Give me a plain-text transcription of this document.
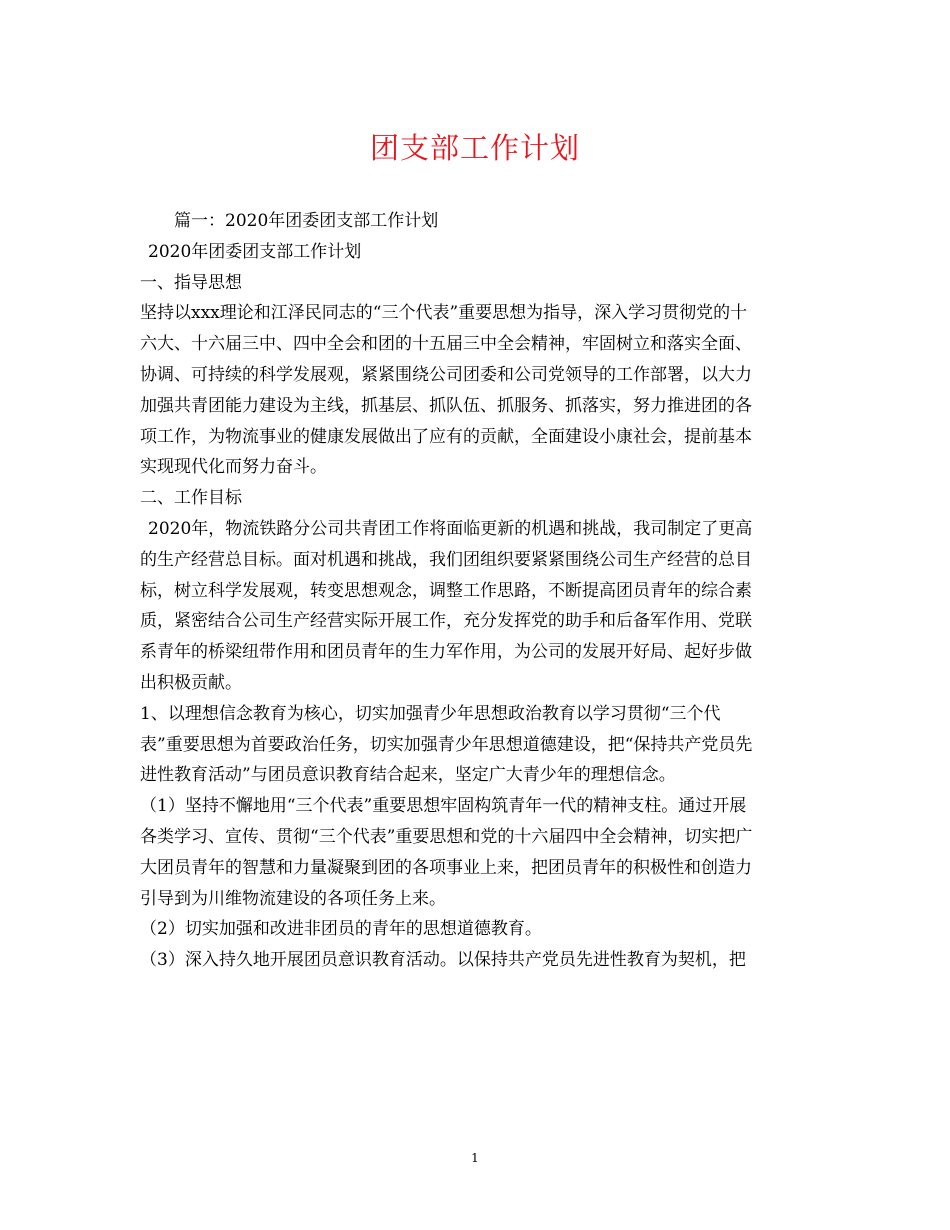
团支部工作计划

篇一：2020年团委团支部工作计划

2020年团委团支部工作计划

一、指导思想

坚持以xxx理论和江泽民同志的“三个代表”重要思想为指导，深入学习贯彻党的十

六大、十六届三中、四中全会和团的十五届三中全会精神，牢固树立和落实全面、

协调、可持续的科学发展观，紧紧围绕公司团委和公司党领导的工作部署，以大力

加强共青团能力建设为主线，抓基层、抓队伍、抓服务、抓落实，努力推进团的各

项工作，为物流事业的健康发展做出了应有的贡献，全面建设小康社会，提前基本

实现现代化而努力奋斗。

二、工作目标

2020年，物流铁路分公司共青团工作将面临更新的机遇和挑战，我司制定了更高

的生产经营总目标。面对机遇和挑战，我们团组织要紧紧围绕公司生产经营的总目

标，树立科学发展观，转变思想观念，调整工作思路，不断提高团员青年的综合素

质，紧密结合公司生产经营实际开展工作，充分发挥党的助手和后备军作用、党联

系青年的桥梁纽带作用和团员青年的生力军作用，为公司的发展开好局、起好步做

出积极贡献。

1、以理想信念教育为核心，切实加强青少年思想政治教育以学习贯彻“三个代

表”重要思想为首要政治任务，切实加强青少年思想道德建设，把“保持共产党员先

进性教育活动”与团员意识教育结合起来，坚定广大青少年的理想信念。

（1）坚持不懈地用“三个代表”重要思想牢固构筑青年一代的精神支柱。通过开展

各类学习、宣传、贯彻“三个代表”重要思想和党的十六届四中全会精神，切实把广

大团员青年的智慧和力量凝聚到团的各项事业上来，把团员青年的积极性和创造力

引导到为川维物流建设的各项任务上来。

（2）切实加强和改进非团员的青年的思想道德教育。

（3）深入持久地开展团员意识教育活动。以保持共产党员先进性教育为契机，把

1
